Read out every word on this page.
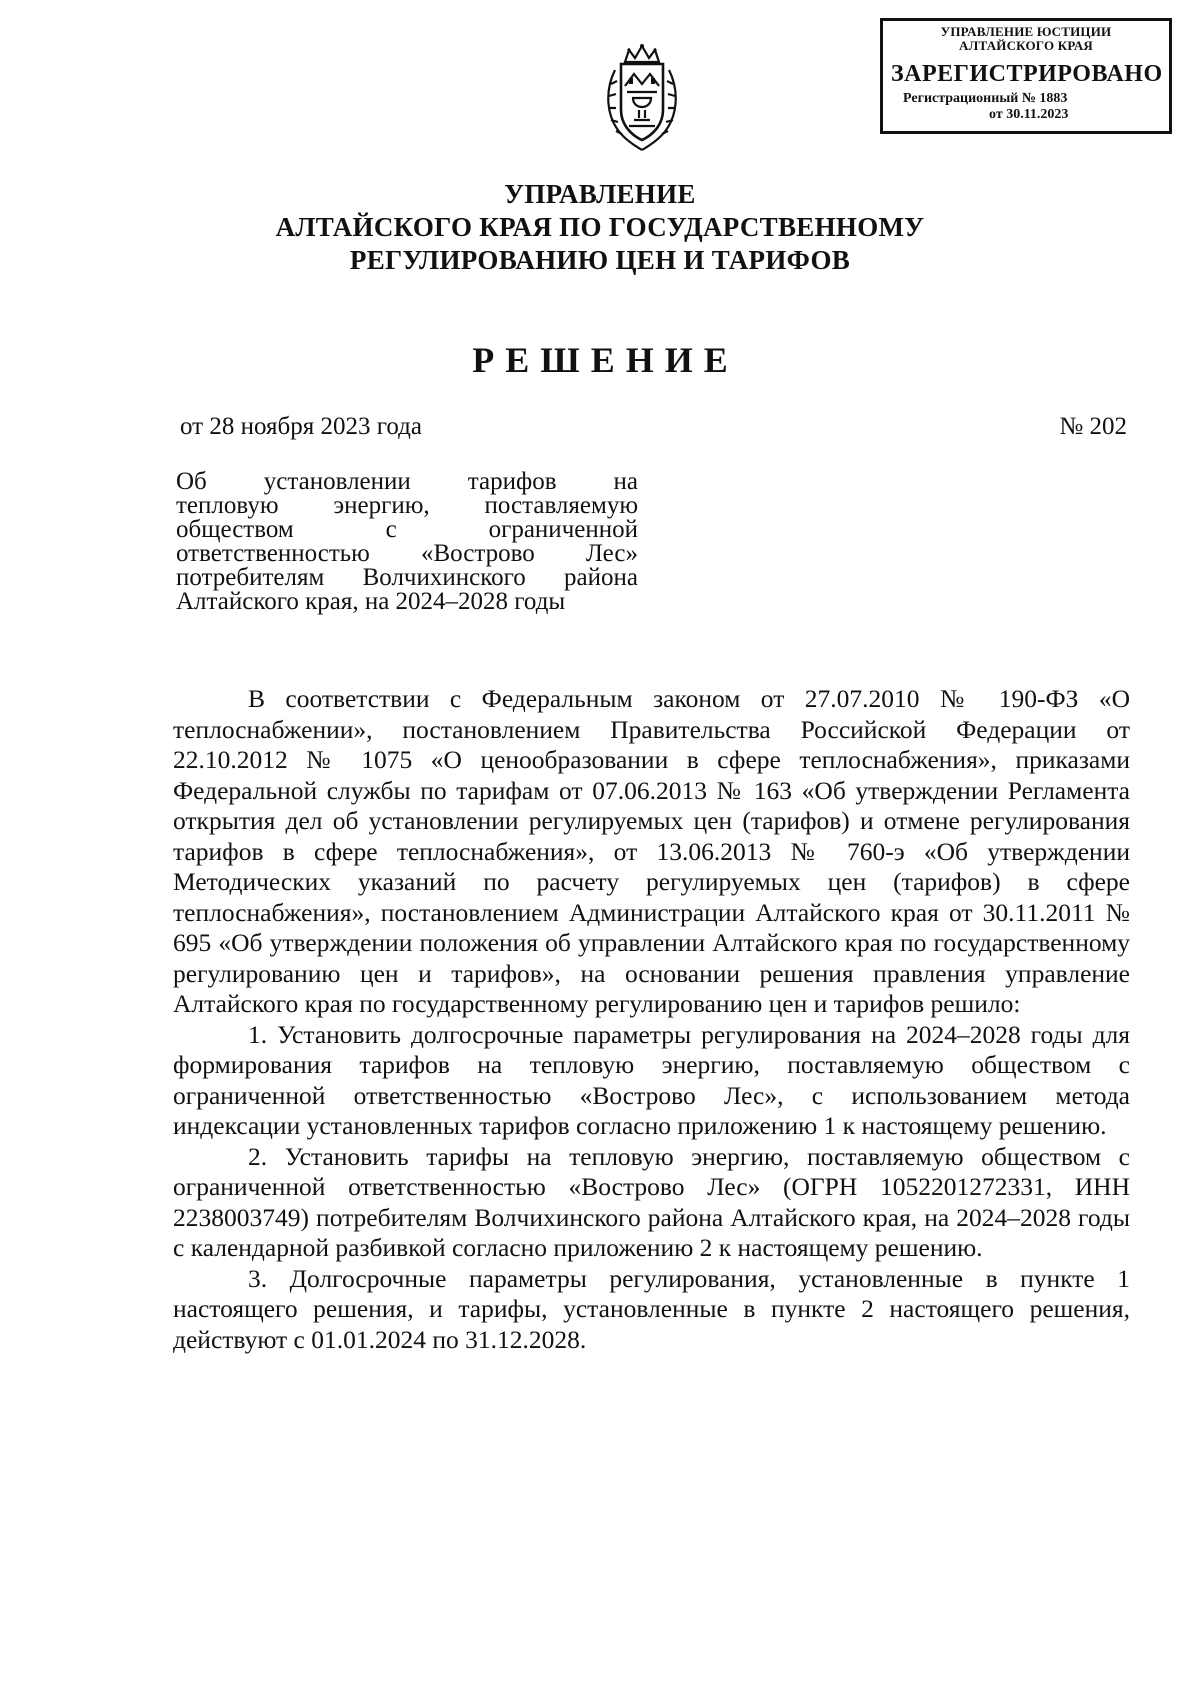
УПРАВЛЕНИЕ ЮСТИЦИИ
АЛТАЙСКОГО КРАЯ
ЗАРЕГИСТРИРОВАНО
Регистрационный № 1883
от 30.11.2023
УПРАВЛЕНИЕ
АЛТАЙСКОГО КРАЯ ПО ГОСУДАРСТВЕННОМУ
РЕГУЛИРОВАНИЮ ЦЕН И ТАРИФОВ
РЕШЕНИЕ
от 28 ноября 2023 года	№ 202
Об установлении тарифов на
тепловую энергию, поставляемую
обществом с ограниченной
ответственностью «Вострово Лес»
потребителям Волчихинского района
Алтайского края, на 2024–2028 годы

В соответствии с Федеральным законом от 27.07.2010 № 190-ФЗ «О теплоснабжении», постановлением Правительства Российской Федерации от 22.10.2012 № 1075 «О ценообразовании в сфере теплоснабжения», приказами Федеральной службы по тарифам от 07.06.2013 № 163 «Об утверждении Регламента открытия дел об установлении регулируемых цен (тарифов) и отмене регулирования тарифов в сфере теплоснабжения», от 13.06.2013 № 760-э «Об утверждении Методических указаний по расчету регулируемых цен (тарифов) в сфере теплоснабжения», постановлением Администрации Алтайского края от 30.11.2011 № 695 «Об утверждении положения об управлении Алтайского края по государственному регулированию цен и тарифов», на основании решения правления управление Алтайского края по государственному регулированию цен и тарифов решило:

1. Установить долгосрочные параметры регулирования на 2024–2028 годы для формирования тарифов на тепловую энергию, поставляемую обществом с ограниченной ответственностью «Вострово Лес», с использованием метода индексации установленных тарифов согласно приложению 1 к настоящему решению.

2. Установить тарифы на тепловую энергию, поставляемую обществом с ограниченной ответственностью «Вострово Лес» (ОГРН 1052201272331, ИНН 2238003749) потребителям Волчихинского района Алтайского края, на 2024–2028 годы с календарной разбивкой согласно приложению 2 к настоящему решению.

3. Долгосрочные параметры регулирования, установленные в пункте 1 настоящего решения, и тарифы, установленные в пункте 2 настоящего решения, действуют с 01.01.2024 по 31.12.2028.
